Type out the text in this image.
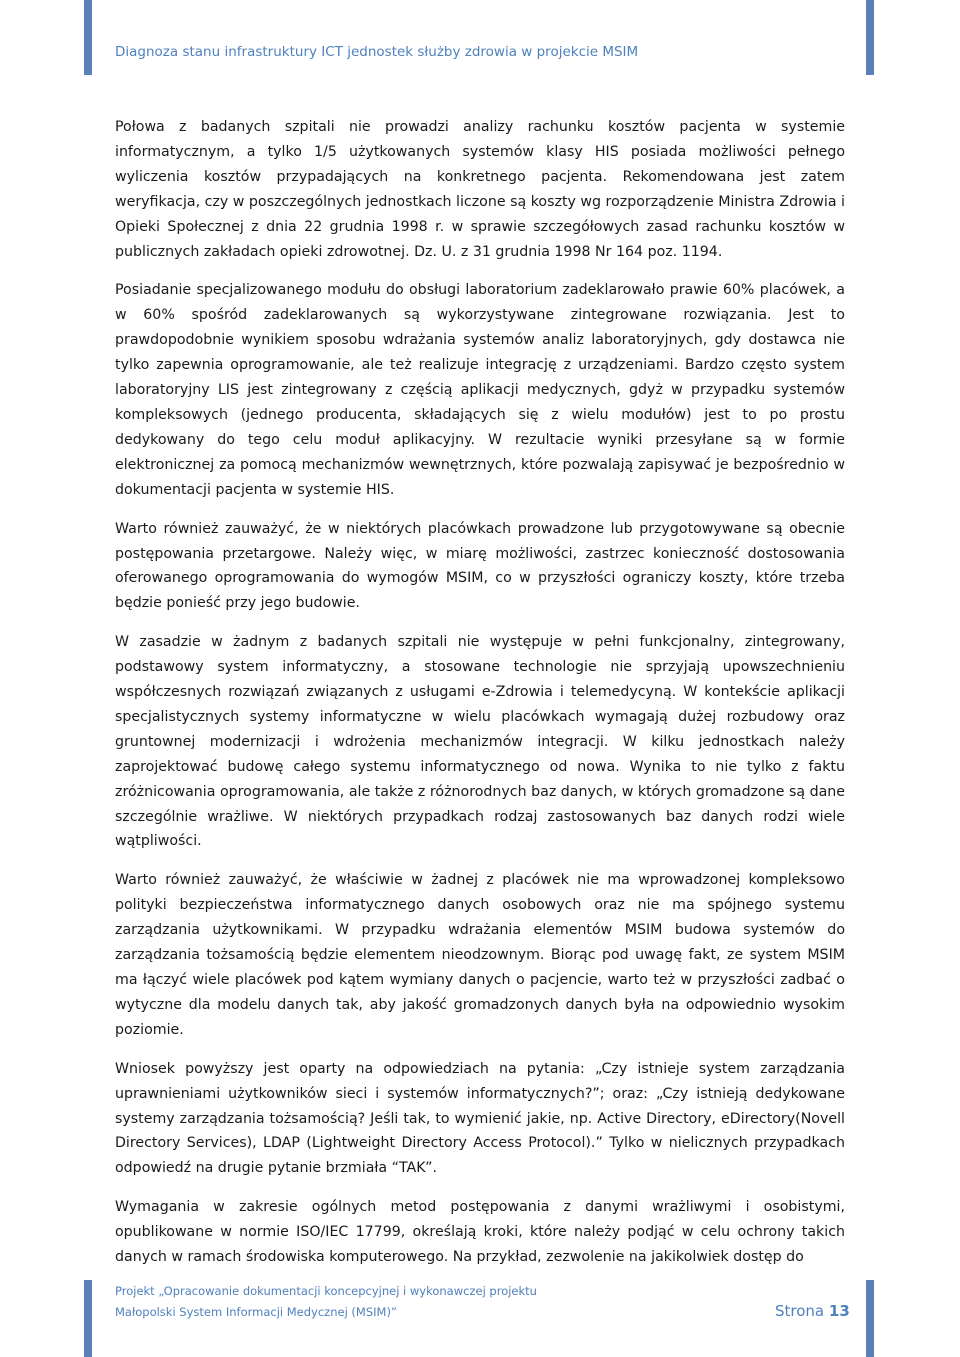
Diagnoza stanu infrastruktury ICT jednostek służby zdrowia w projekcie MSIM

Połowa z badanych szpitali nie prowadzi analizy rachunku kosztów pacjenta w systemie informatycznym, a tylko 1/5 użytkowanych systemów klasy HIS posiada możliwości pełnego wyliczenia kosztów przypadających na konkretnego pacjenta. Rekomendowana jest zatem weryfikacja, czy w poszczególnych jednostkach liczone są koszty wg rozporządzenie Ministra Zdrowia i Opieki Społecznej z dnia 22 grudnia 1998 r. w sprawie szczegółowych zasad rachunku kosztów w publicznych zakładach opieki zdrowotnej. Dz. U. z 31 grudnia 1998 Nr 164 poz. 1194.

Posiadanie specjalizowanego modułu do obsługi laboratorium zadeklarowało prawie 60% placówek, a w 60% spośród zadeklarowanych są wykorzystywane zintegrowane rozwiązania. Jest to prawdopodobnie wynikiem sposobu wdrażania systemów analiz laboratoryjnych, gdy dostawca nie tylko zapewnia oprogramowanie, ale też realizuje integrację z urządzeniami. Bardzo często system laboratoryjny LIS jest zintegrowany z częścią aplikacji medycznych, gdyż w przypadku systemów kompleksowych (jednego producenta, składających się z wielu modułów) jest to po prostu dedykowany do tego celu moduł aplikacyjny. W rezultacie wyniki przesyłane są w formie elektronicznej za pomocą mechanizmów wewnętrznych, które pozwalają zapisywać je bezpośrednio w dokumentacji pacjenta w systemie HIS.

Warto również zauważyć, że w niektórych placówkach prowadzone lub przygotowywane są obecnie postępowania przetargowe. Należy więc, w miarę możliwości, zastrzec konieczność dostosowania oferowanego oprogramowania do wymogów MSIM, co w przyszłości ograniczy koszty, które trzeba będzie ponieść przy jego budowie.

W zasadzie w żadnym z badanych szpitali nie występuje w pełni funkcjonalny, zintegrowany, podstawowy system informatyczny, a stosowane technologie nie sprzyjają upowszechnieniu współczesnych rozwiązań związanych z usługami e-Zdrowia i telemedycyną. W kontekście aplikacji specjalistycznych systemy informatyczne w wielu placówkach wymagają dużej rozbudowy oraz gruntownej modernizacji i wdrożenia mechanizmów integracji. W kilku jednostkach należy zaprojektować budowę całego systemu informatycznego od nowa. Wynika to nie tylko z faktu zróżnicowania oprogramowania, ale także z różnorodnych baz danych, w których gromadzone są dane szczególnie wrażliwe. W niektórych przypadkach rodzaj zastosowanych baz danych rodzi wiele wątpliwości.

Warto również zauważyć, że właściwie w żadnej z placówek nie ma wprowadzonej kompleksowo polityki bezpieczeństwa informatycznego danych osobowych oraz nie ma spójnego systemu zarządzania użytkownikami. W przypadku wdrażania elementów MSIM budowa systemów do zarządzania tożsamością będzie elementem nieodzownym. Biorąc pod uwagę fakt, ze system MSIM ma łączyć wiele placówek pod kątem wymiany danych o pacjencie, warto też w przyszłości zadbać o wytyczne dla modelu danych tak, aby jakość gromadzonych danych była na odpowiednio wysokim poziomie.

Wniosek powyższy jest oparty na odpowiedziach na pytania: „Czy istnieje system zarządzania uprawnieniami użytkowników sieci i systemów informatycznych?”; oraz: „Czy istnieją dedykowane systemy zarządzania tożsamością? Jeśli tak, to wymienić jakie, np. Active Directory, eDirectory(Novell Directory Services), LDAP (Lightweight Directory Access Protocol).” Tylko w nielicznych przypadkach odpowiedź na drugie pytanie brzmiała “TAK”.

Wymagania w zakresie ogólnych metod postępowania z danymi wrażliwymi i osobistymi, opublikowane w normie ISO/IEC 17799, określają kroki, które należy podjąć w celu ochrony takich danych w ramach środowiska komputerowego. Na przykład, zezwolenie na jakikolwiek dostęp do

Projekt „Opracowanie dokumentacji koncepcyjnej i wykonawczej projektu
Małopolski System Informacji Medycznej (MSIM)”	Strona 13
